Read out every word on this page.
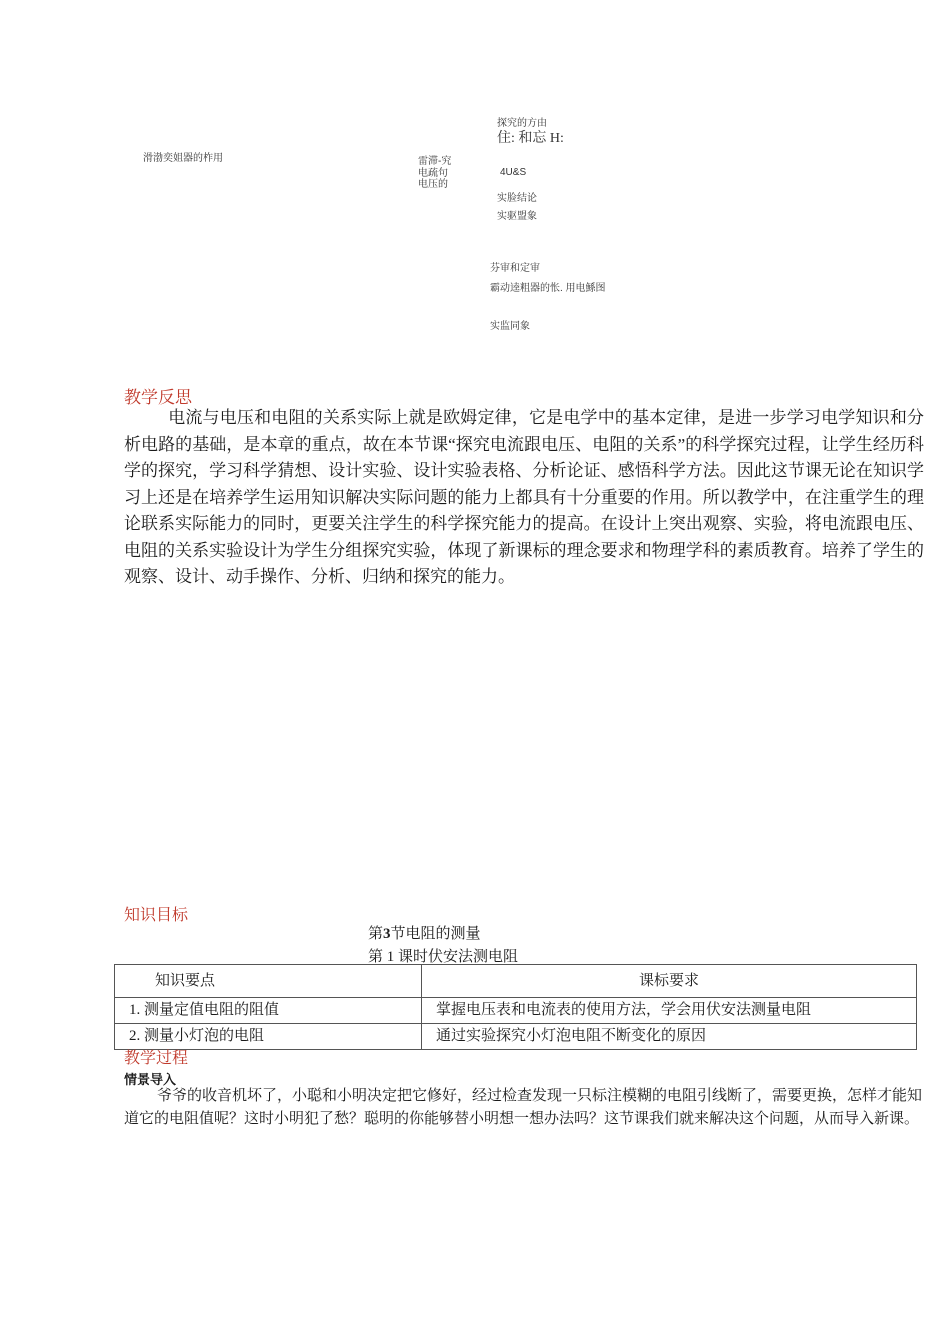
滑渤奕姐器的柞用	雷滞-究
电疏句
电压的
探究的方由
住: 和忘 H:
4U&S
实脸结论
实驱盟象
芬审和定审
霸动逵粗器的怅. 用电鯀图
实监同象
教学反思

电流与电压和电阻的关系实际上就是欧姆定律，它是电学中的基本定律，是进一步学习电学知识和分析电路的基础，是本章的重点，故在本节课“探究电流跟电压、电阻的关系”的科学探究过程，让学生经历科学的探究，学习科学猜想、设计实验、设计实验表格、分析论证、感悟科学方法。因此这节课无论在知识学习上还是在培养学生运用知识解决实际问题的能力上都具有十分重要的作用。所以教学中，在注重学生的理论联系实际能力的同时，更要关注学生的科学探究能力的提高。在设计上突出观察、实验，将电流跟电压、电阻的关系实验设计为学生分组探究实验，体现了新课标的理念要求和物理学科的素质教育。培养了学生的观察、设计、动手操作、分析、归纳和探究的能力。

知识目标
第3节电阻的测量
第 1 课时伏安法测电阻
知识要点	课标要求
1. 测量定值电阻的阻值	掌握电压表和电流表的使用方法，学会用伏安法测量电阻
2. 测量小灯泡的电阻	通过实验探究小灯泡电阻不断变化的原因
教学过程
情景导入

爷爷的收音机坏了，小聪和小明决定把它修好，经过检查发现一只标注模糊的电阻引线断了，需要更换，怎样才能知道它的电阻值呢？这时小明犯了愁？聪明的你能够替小明想一想办法吗？这节课我们就来解决这个问题，从而导入新课。
